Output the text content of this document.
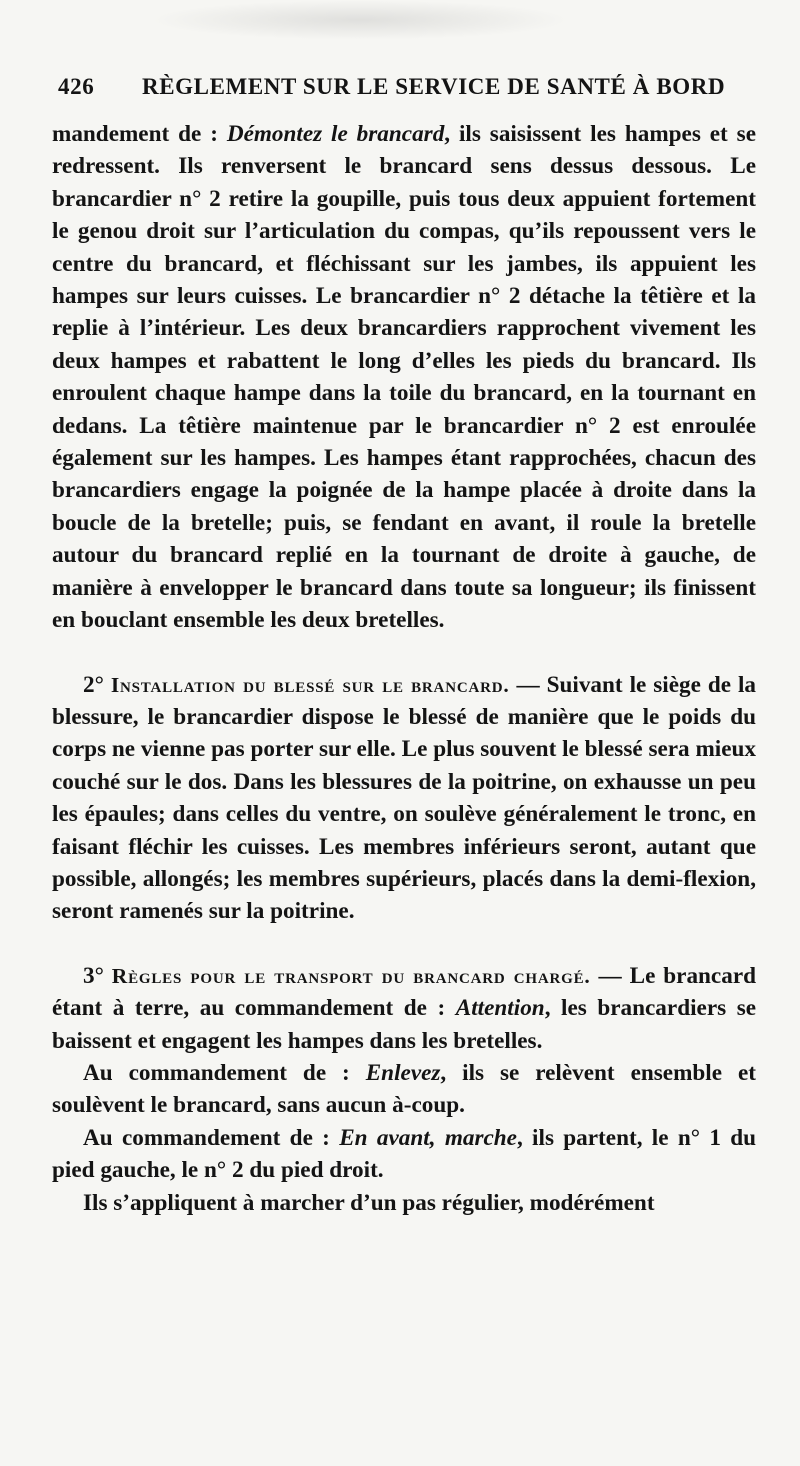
426 RÈGLEMENT SUR LE SERVICE DE SANTÉ À BORD

mandement de : Démontez le brancard, ils saisissent les hampes et se redressent. Ils renversent le brancard sens dessus dessous. Le brancardier n° 2 retire la goupille, puis tous deux appuient fortement le genou droit sur l’articulation du compas, qu’ils repoussent vers le centre du brancard, et fléchissant sur les jambes, ils appuient les hampes sur leurs cuisses. Le brancardier n° 2 détache la têtière et la replie à l’intérieur. Les deux brancardiers rapprochent vivement les deux hampes et rabattent le long d’elles les pieds du brancard. Ils enroulent chaque hampe dans la toile du brancard, en la tournant en dedans. La têtière maintenue par le brancardier n° 2 est enroulée également sur les hampes. Les hampes étant rapprochées, chacun des brancardiers engage la poignée de la hampe placée à droite dans la boucle de la bretelle; puis, se fendant en avant, il roule la bretelle autour du brancard replié en la tournant de droite à gauche, de manière à envelopper le brancard dans toute sa longueur; ils finissent en bouclant ensemble les deux bretelles.

2° Installation du blessé sur le brancard. — Suivant le siège de la blessure, le brancardier dispose le blessé de manière que le poids du corps ne vienne pas porter sur elle. Le plus souvent le blessé sera mieux couché sur le dos. Dans les blessures de la poitrine, on exhausse un peu les épaules; dans celles du ventre, on soulève généralement le tronc, en faisant fléchir les cuisses. Les membres inférieurs seront, autant que possible, allongés; les membres supérieurs, placés dans la demi-flexion, seront ramenés sur la poitrine.

3° Règles pour le transport du brancard chargé. — Le brancard étant à terre, au commandement de : Attention, les brancardiers se baissent et engagent les hampes dans les bretelles.

Au commandement de : Enlevez, ils se relèvent ensemble et soulèvent le brancard, sans aucun à-coup.

Au commandement de : En avant, marche, ils partent, le n° 1 du pied gauche, le n° 2 du pied droit.

Ils s’appliquent à marcher d’un pas régulier, modérément
